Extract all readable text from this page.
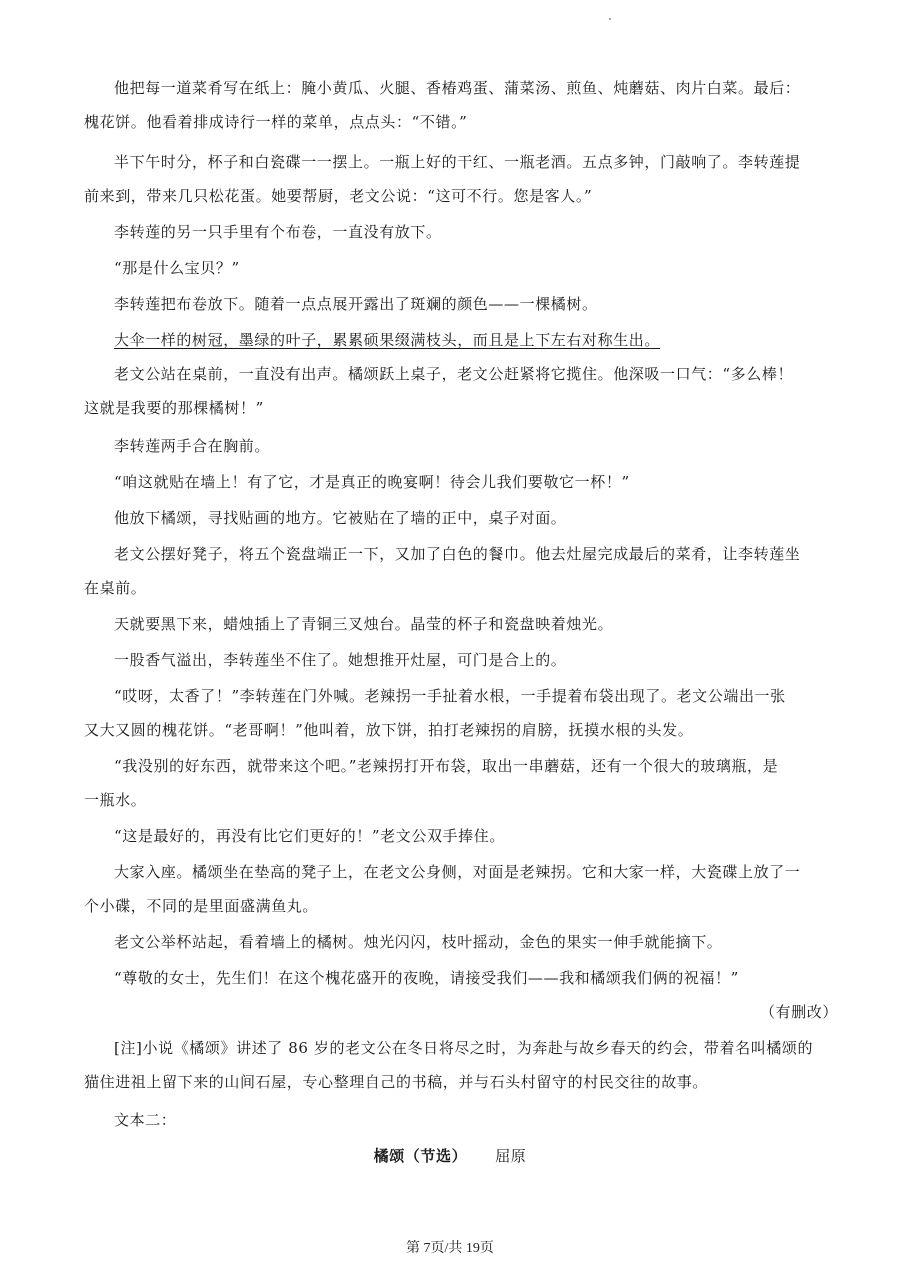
他把每一道菜肴写在纸上：腌小黄瓜、火腿、香椿鸡蛋、蒲菜汤、煎鱼、炖蘑菇、肉片白菜。最后：
槐花饼。他看着排成诗行一样的菜单，点点头：“不错。”
半下午时分，杯子和白瓷碟一一摆上。一瓶上好的干红、一瓶老酒。五点多钟，门敲响了。李转莲提
前来到，带来几只松花蛋。她要帮厨，老文公说：“这可不行。您是客人。”
李转莲的另一只手里有个布卷，一直没有放下。
“那是什么宝贝？”
李转莲把布卷放下。随着一点点展开露出了斑斓的颜色——一棵橘树。
大伞一样的树冠，墨绿的叶子，累累硕果缀满枝头，而且是上下左右对称生出。
老文公站在桌前，一直没有出声。橘颂跃上桌子，老文公赶紧将它揽住。他深吸一口气：“多么棒！
这就是我要的那棵橘树！”
李转莲两手合在胸前。
“咱这就贴在墙上！有了它，才是真正的晚宴啊！待会儿我们要敬它一杯！”
他放下橘颂，寻找贴画的地方。它被贴在了墙的正中，桌子对面。
老文公摆好凳子，将五个瓷盘端正一下，又加了白色的餐巾。他去灶屋完成最后的菜肴，让李转莲坐
在桌前。
天就要黑下来，蜡烛插上了青铜三叉烛台。晶莹的杯子和瓷盘映着烛光。
一股香气溢出，李转莲坐不住了。她想推开灶屋，可门是合上的。
“哎呀，太香了！”李转莲在门外喊。老辣拐一手扯着水根，一手提着布袋出现了。老文公端出一张
又大又圆的槐花饼。“老哥啊！”他叫着，放下饼，拍打老辣拐的肩膀，抚摸水根的头发。
“我没别的好东西，就带来这个吧。”老辣拐打开布袋，取出一串蘑菇，还有一个很大的玻璃瓶，是
一瓶水。
“这是最好的，再没有比它们更好的！”老文公双手捧住。
大家入座。橘颂坐在垫高的凳子上，在老文公身侧，对面是老辣拐。它和大家一样，大瓷碟上放了一
个小碟，不同的是里面盛满鱼丸。
老文公举杯站起，看着墙上的橘树。烛光闪闪，枝叶摇动，金色的果实一伸手就能摘下。
“尊敬的女士，先生们！在这个槐花盛开的夜晚，请接受我们——我和橘颂我们俩的祝福！”
（有删改）
[注]小说《橘颂》讲述了 86 岁的老文公在冬日将尽之时，为奔赴与故乡春天的约会，带着名叫橘颂的
猫住进祖上留下来的山间石屋，专心整理自己的书稿，并与石头村留守的村民交往的故事。
文本二：
橘颂（节选） 屈原
第 7页/共 19页
